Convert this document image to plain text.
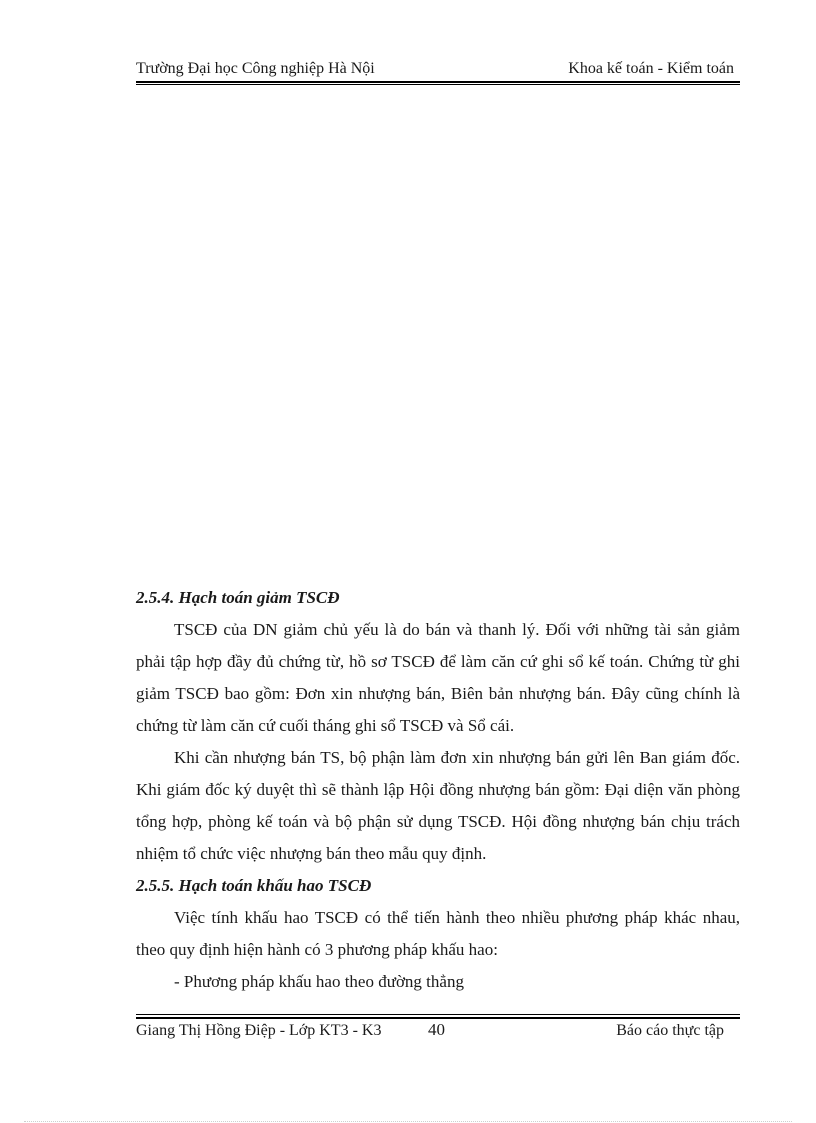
Trường Đại học Công nghiệp Hà Nội	Khoa kế toán - Kiểm toán

2.5.4. Hạch toán giảm TSCĐ

TSCĐ của DN giảm chủ yếu là do bán và thanh lý. Đối với những tài sản giảm phải tập hợp đầy đủ chứng từ, hồ sơ TSCĐ để làm căn cứ ghi sổ kế toán. Chứng từ ghi giảm TSCĐ bao gồm: Đơn xin nhượng bán, Biên bản nhượng bán. Đây cũng chính là chứng từ làm căn cứ cuối tháng ghi sổ TSCĐ và Sổ cái.

Khi cần nhượng bán TS, bộ phận làm đơn xin nhượng bán gửi lên Ban giám đốc. Khi giám đốc ký duyệt thì sẽ thành lập Hội đồng nhượng bán gồm: Đại diện văn phòng tổng hợp, phòng kế toán và bộ phận sử dụng TSCĐ. Hội đồng nhượng bán chịu trách nhiệm tổ chức việc nhượng bán theo mẫu quy định.

2.5.5. Hạch toán khấu hao TSCĐ

Việc tính khấu hao TSCĐ có thể tiến hành theo nhiều phương pháp khác nhau, theo quy định hiện hành có 3 phương pháp khấu hao:

- Phương pháp khấu hao theo đường thẳng

Giang Thị Hồng Điệp - Lớp KT3 - K3	40	Báo cáo thực tập
